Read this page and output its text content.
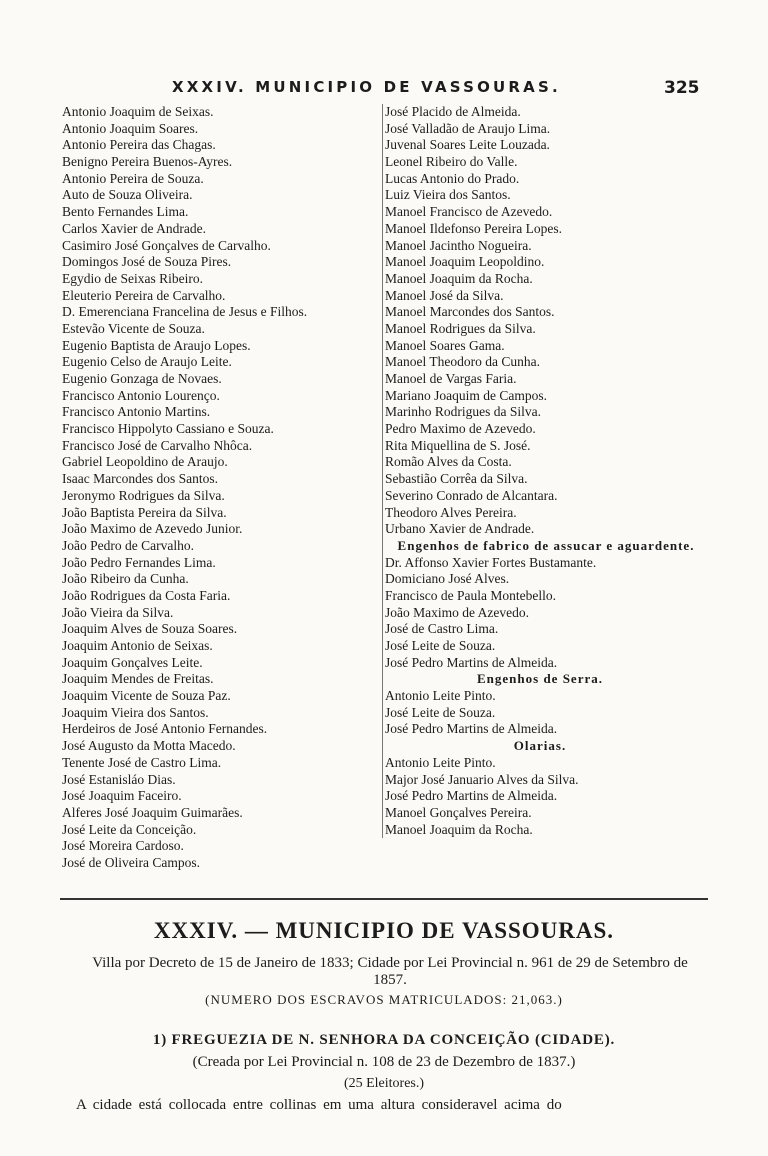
XXXIV. MUNICIPIO DE VASSOURAS.	325
Antonio Joaquim de Seixas.
Antonio Joaquim Soares.
Antonio Pereira das Chagas.
Benigno Pereira Buenos-Ayres.
Antonio Pereira de Souza.
Auto de Souza Oliveira.
Bento Fernandes Lima.
Carlos Xavier de Andrade.
Casimiro José Gonçalves de Carvalho.
Domingos José de Souza Pires.
Egydio de Seixas Ribeiro.
Eleuterio Pereira de Carvalho.
D. Emerenciana Francelina de Jesus e Filhos.
Estevão Vicente de Souza.
Eugenio Baptista de Araujo Lopes.
Eugenio Celso de Araujo Leite.
Eugenio Gonzaga de Novaes.
Francisco Antonio Lourenço.
Francisco Antonio Martins.
Francisco Hippolyto Cassiano e Souza.
Francisco José de Carvalho Nhôca.
Gabriel Leopoldino de Araujo.
Isaac Marcondes dos Santos.
Jeronymo Rodrigues da Silva.
João Baptista Pereira da Silva.
João Maximo de Azevedo Junior.
João Pedro de Carvalho.
João Pedro Fernandes Lima.
João Ribeiro da Cunha.
João Rodrigues da Costa Faria.
João Vieira da Silva.
Joaquim Alves de Souza Soares.
Joaquim Antonio de Seixas.
Joaquim Gonçalves Leite.
Joaquim Mendes de Freitas.
Joaquim Vicente de Souza Paz.
Joaquim Vieira dos Santos.
Herdeiros de José Antonio Fernandes.
José Augusto da Motta Macedo.
Tenente José de Castro Lima.
José Estanisláo Dias.
José Joaquim Faceiro.
Alferes José Joaquim Guimarães.
José Leite da Conceição.
José Moreira Cardoso.
José de Oliveira Campos.
José Placido de Almeida.
José Valladão de Araujo Lima.
Juvenal Soares Leite Louzada.
Leonel Ribeiro do Valle.
Lucas Antonio do Prado.
Luiz Vieira dos Santos.
Manoel Francisco de Azevedo.
Manoel Ildefonso Pereira Lopes.
Manoel Jacintho Nogueira.
Manoel Joaquim Leopoldino.
Manoel Joaquim da Rocha.
Manoel José da Silva.
Manoel Marcondes dos Santos.
Manoel Rodrigues da Silva.
Manoel Soares Gama.
Manoel Theodoro da Cunha.
Manoel de Vargas Faria.
Mariano Joaquim de Campos.
Marinho Rodrigues da Silva.
Pedro Maximo de Azevedo.
Rita Miquellina de S. José.
Romão Alves da Costa.
Sebastião Corrêa da Silva.
Severino Conrado de Alcantara.
Theodoro Alves Pereira.
Urbano Xavier de Andrade.
Engenhos de fabrico de assucar e aguardente.
Dr. Affonso Xavier Fortes Bustamante.
Domiciano José Alves.
Francisco de Paula Montebello.
João Maximo de Azevedo.
José de Castro Lima.
José Leite de Souza.
José Pedro Martins de Almeida.
Engenhos de Serra.
Antonio Leite Pinto.
José Leite de Souza.
José Pedro Martins de Almeida.
Olarias.
Antonio Leite Pinto.
Major José Januario Alves da Silva.
José Pedro Martins de Almeida.
Manoel Gonçalves Pereira.
Manoel Joaquim da Rocha.
XXXIV. — MUNICIPIO DE VASSOURAS.
Villa por Decreto de 15 de Janeiro de 1833; Cidade por Lei Provincial n. 961 de 29 de Setembro de 1857.
(NUMERO DOS ESCRAVOS MATRICULADOS: 21,063.)
1) FREGUEZIA DE N. SENHORA DA CONCEIÇÃO (CIDADE).
(Creada por Lei Provincial n. 108 de 23 de Dezembro de 1837.)
(25 Eleitores.)
A cidade está collocada entre collinas em uma altura consideravel acima do
